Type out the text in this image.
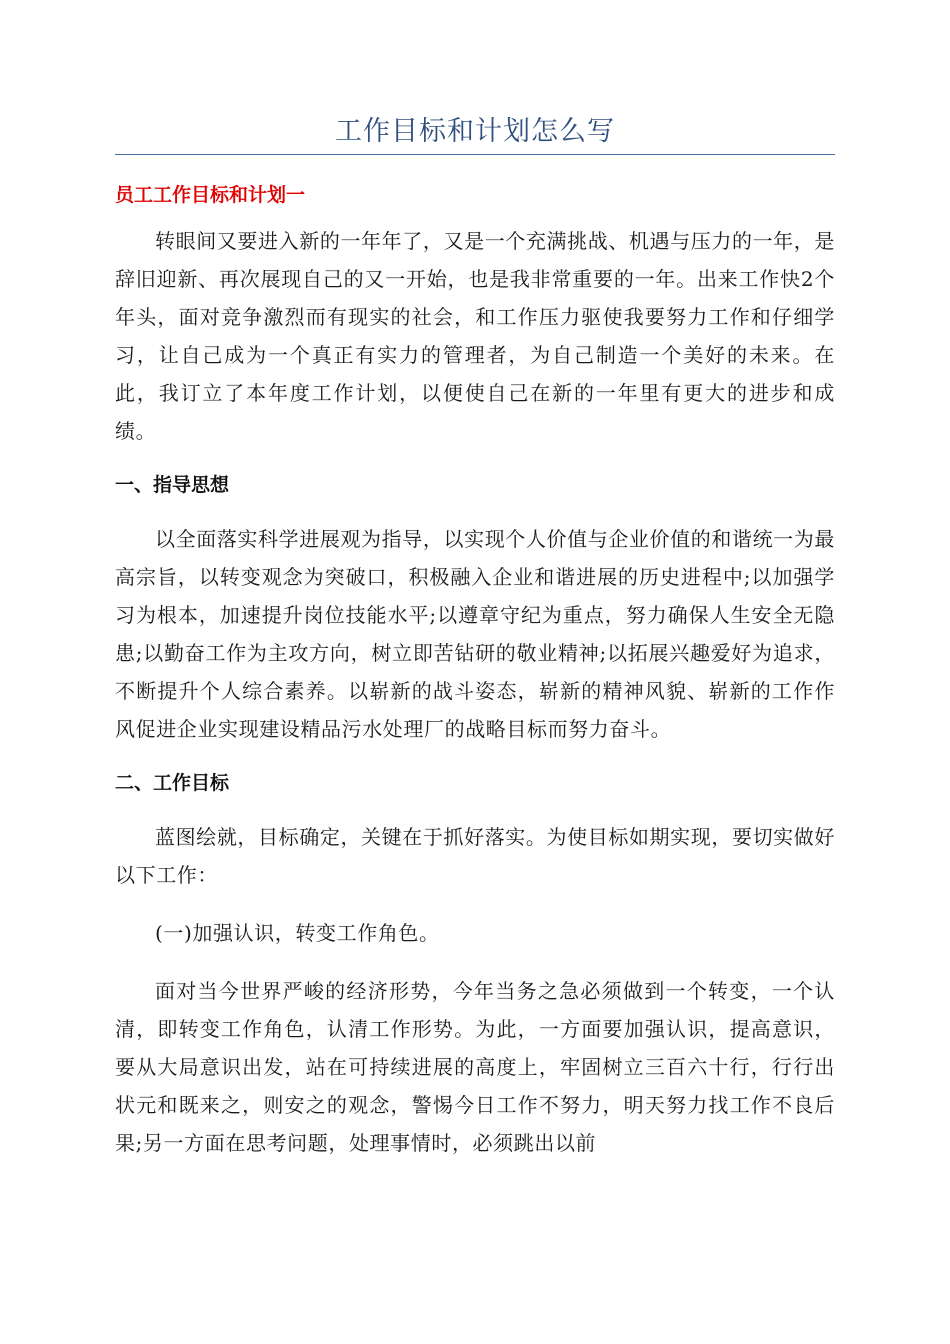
工作目标和计划怎么写
员工工作目标和计划一

转眼间又要进入新的一年年了，又是一个充满挑战、机遇与压力的一年，是辞旧迎新、再次展现自己的又一开始，也是我非常重要的一年。出来工作快2个年头，面对竞争激烈而有现实的社会，和工作压力驱使我要努力工作和仔细学习，让自己成为一个真正有实力的管理者，为自己制造一个美好的未来。在此，我订立了本年度工作计划，以便使自己在新的一年里有更大的进步和成绩。

一、指导思想

以全面落实科学进展观为指导，以实现个人价值与企业价值的和谐统一为最高宗旨，以转变观念为突破口，积极融入企业和谐进展的历史进程中;以加强学习为根本，加速提升岗位技能水平;以遵章守纪为重点，努力确保人生安全无隐患;以勤奋工作为主攻方向，树立即苦钻研的敬业精神;以拓展兴趣爱好为追求，不断提升个人综合素养。以崭新的战斗姿态，崭新的精神风貌、崭新的工作作风促进企业实现建设精品污水处理厂的战略目标而努力奋斗。

二、工作目标

蓝图绘就，目标确定，关键在于抓好落实。为使目标如期实现，要切实做好以下工作：

(一)加强认识，转变工作角色。

面对当今世界严峻的经济形势，今年当务之急必须做到一个转变，一个认清，即转变工作角色，认清工作形势。为此，一方面要加强认识，提高意识，要从大局意识出发，站在可持续进展的高度上，牢固树立三百六十行，行行出状元和既来之，则安之的观念，警惕今日工作不努力，明天努力找工作不良后果;另一方面在思考问题，处理事情时，必须跳出以前
